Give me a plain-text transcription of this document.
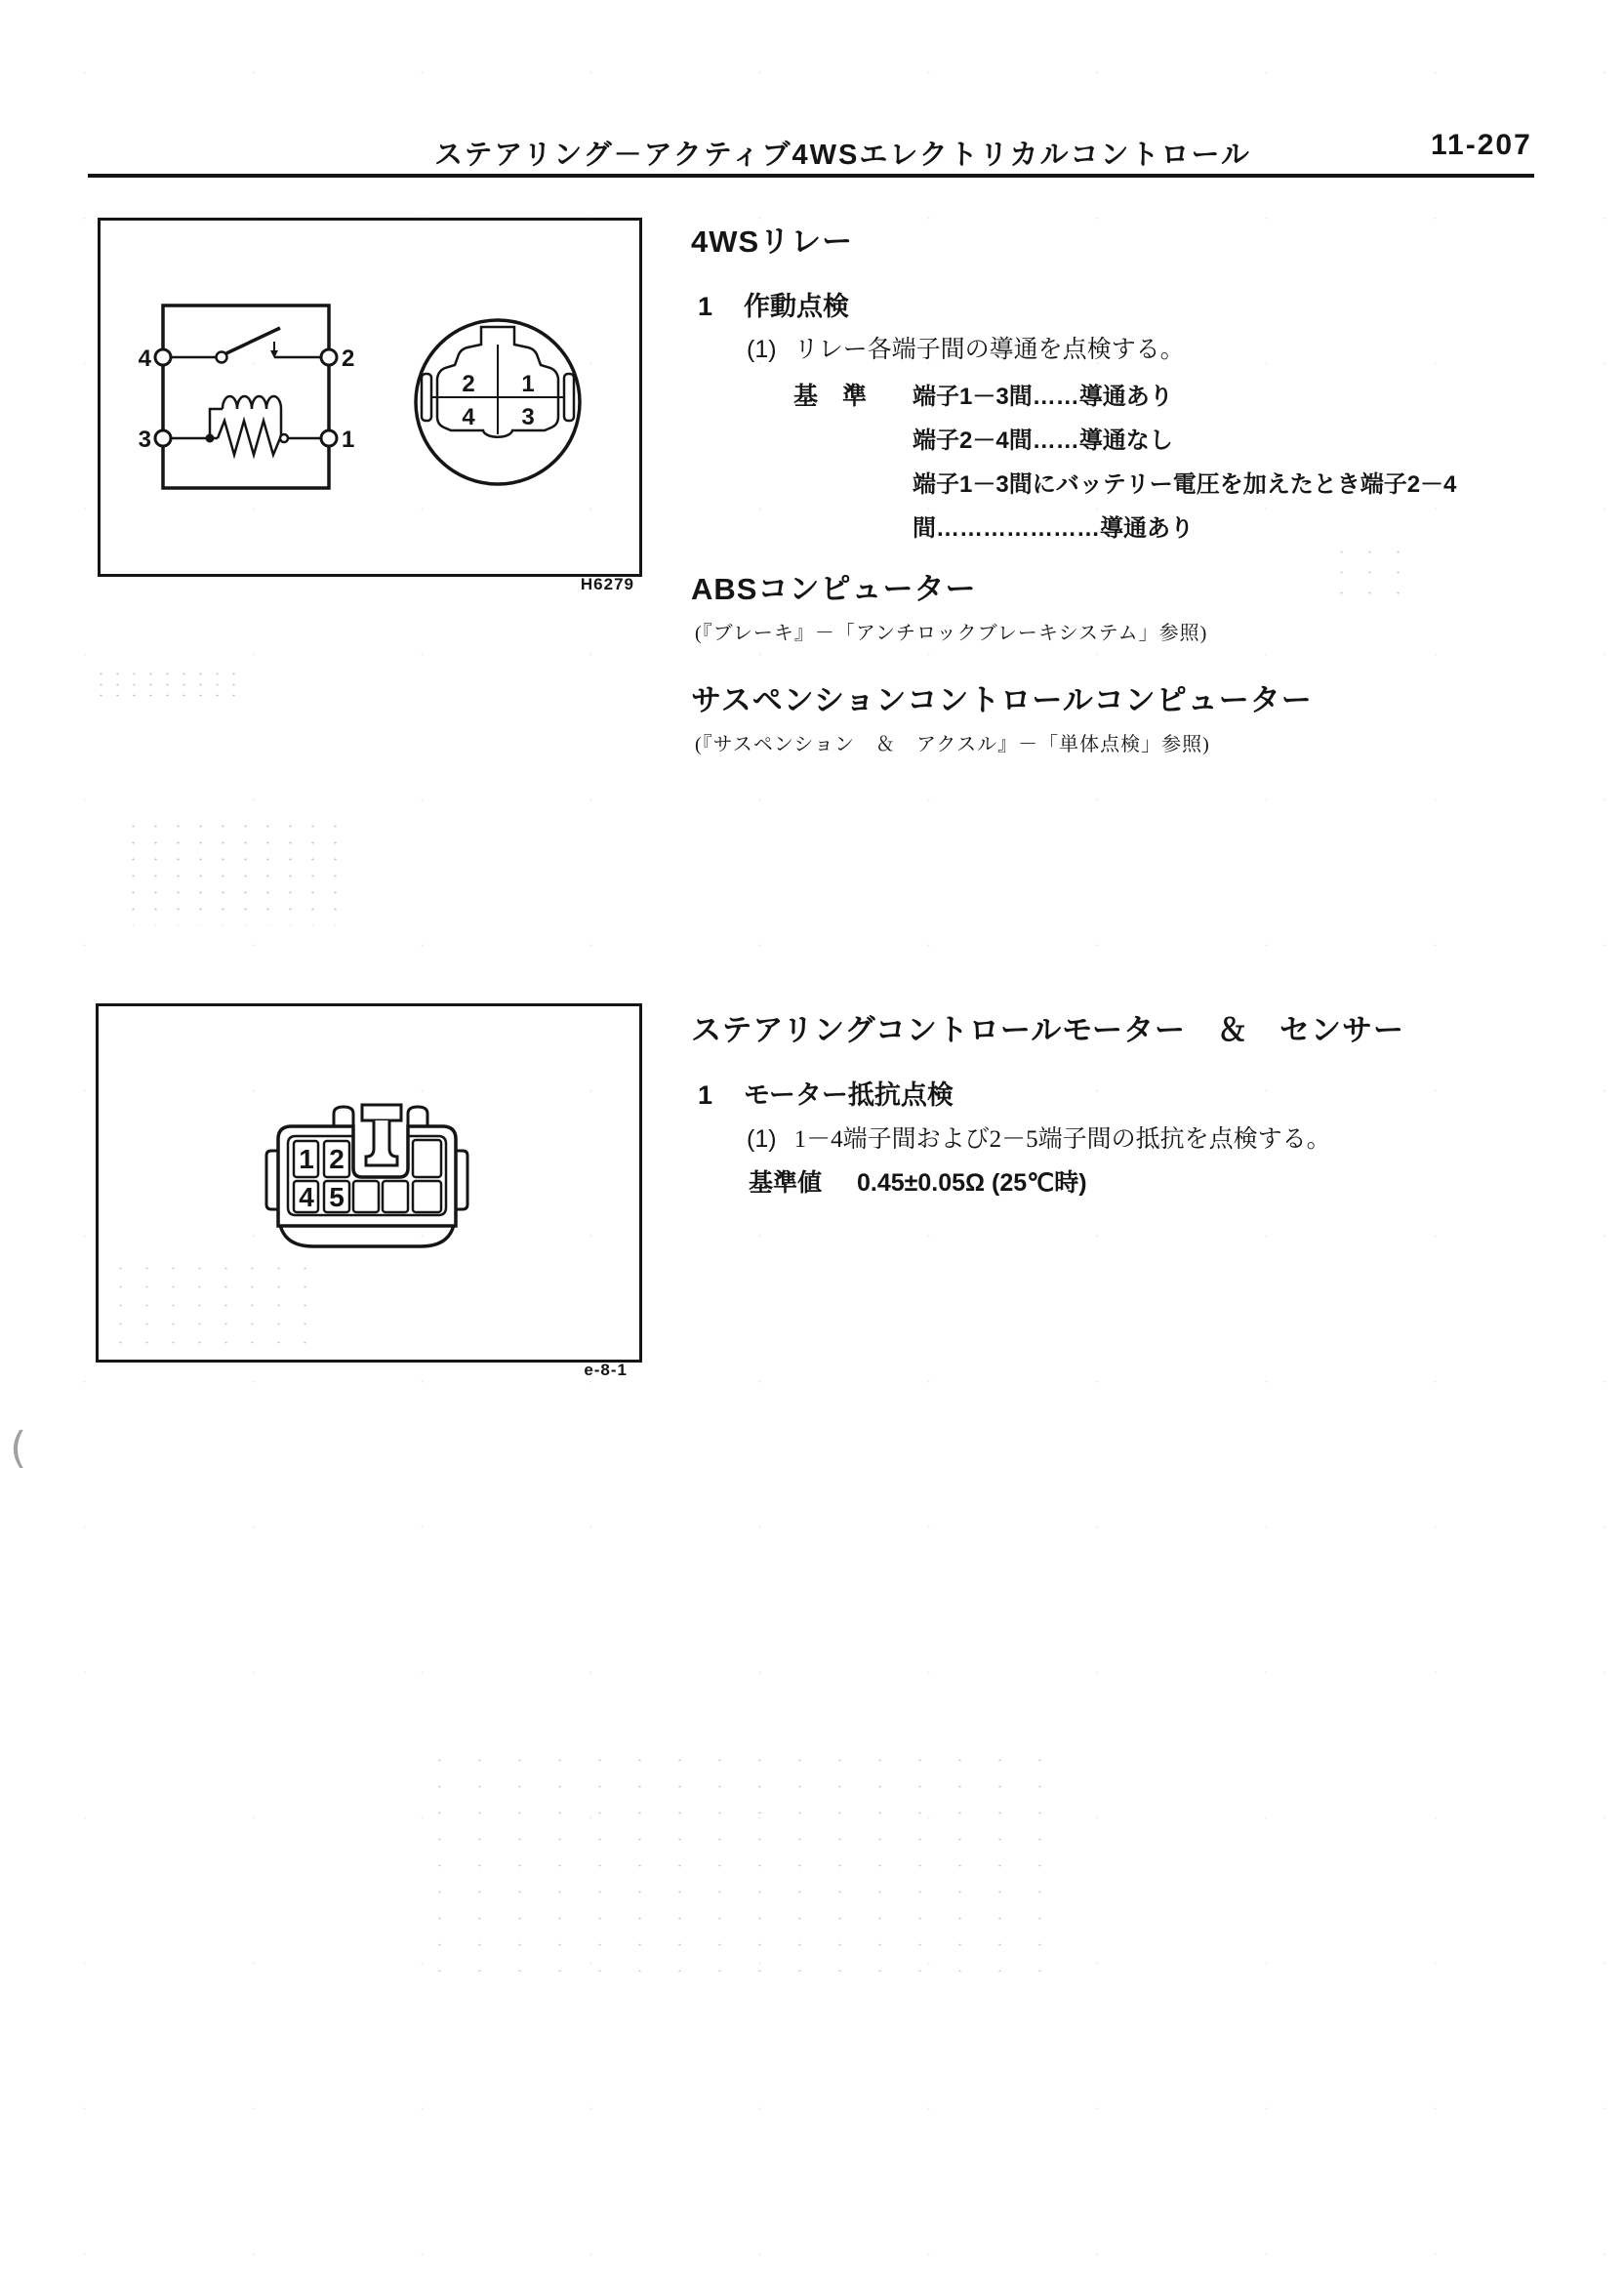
ステアリング－アクティブ4WSエレクトリカルコントロール	11-207
4	2
3	1
2 1
4 3
H6279
4WSリレー
1 作動点検
(1) リレー各端子間の導通を点検する。
基　準 端子1－3間……導通あり
端子2－4間……導通なし
端子1－3間にバッテリー電圧を加えたとき端子2－4
間…………………導通あり
ABSコンピューター
(『ブレーキ』－「アンチロックブレーキシステム」参照)
サスペンションコントロールコンピューター
(『サスペンション　＆　アクスル』－「単体点検」参照)
1 2
4 5
e-8-1
ステアリングコントロールモーター　＆　センサー
1 モーター抵抗点検
(1) 1－4端子間および2－5端子間の抵抗を点検する。
基準値 0.45±0.05Ω (25℃時)
(
